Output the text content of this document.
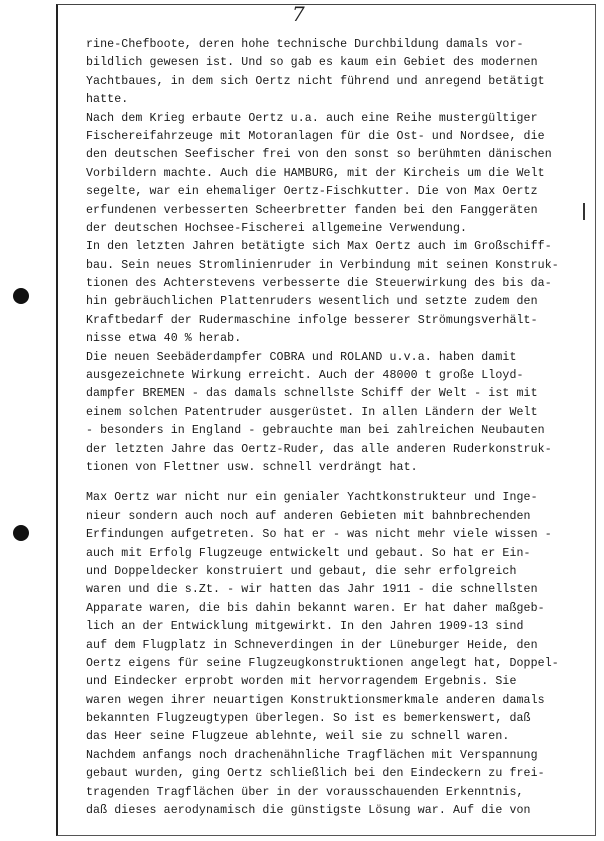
7
rine-Chefboote, deren hohe technische Durchbildung damals vor-
bildlich gewesen ist. Und so gab es kaum ein Gebiet des modernen
Yachtbaues, in dem sich Oertz nicht führend und anregend betätigt
hatte.
Nach dem Krieg erbaute Oertz u.a. auch eine Reihe mustergültiger
Fischereifahrzeuge mit Motoranlagen für die Ost- und Nordsee, die
den deutschen Seefischer frei von den sonst so berühmten dänischen
Vorbildern machte. Auch die HAMBURG, mit der Kircheis um die Welt
segelte, war ein ehemaliger Oertz-Fischkutter. Die von Max Oertz
erfundenen verbesserten Scheerbretter fanden bei den Fanggeräten
der deutschen Hochsee-Fischerei allgemeine Verwendung.
In den letzten Jahren betätigte sich Max Oertz auch im Großschiff-
bau. Sein neues Stromlinienruder in Verbindung mit seinen Konstruk-
tionen des Achterstevens verbesserte die Steuerwirkung des bis da-
hin gebräuchlichen Plattenruders wesentlich und setzte zudem den
Kraftbedarf der Rudermaschine infolge besserer Strömungsverhält-
nisse etwa 40 % herab.
Die neuen Seebäderdampfer COBRA und ROLAND u.v.a. haben damit
ausgezeichnete Wirkung erreicht. Auch der 48000 t große Lloyd-
dampfer BREMEN - das damals schnellste Schiff der Welt - ist mit
einem solchen Patentruder ausgerüstet. In allen Ländern der Welt
- besonders in England - gebrauchte man bei zahlreichen Neubauten
der letzten Jahre das Oertz-Ruder, das alle anderen Ruderkonstruk-
tionen von Flettner usw. schnell verdrängt hat.
Max Oertz war nicht nur ein genialer Yachtkonstrukteur und Inge-
nieur sondern auch noch auf anderen Gebieten mit bahnbrechenden
Erfindungen aufgetreten. So hat er - was nicht mehr viele wissen -
auch mit Erfolg Flugzeuge entwickelt und gebaut. So hat er Ein-
und Doppeldecker konstruiert und gebaut, die sehr erfolgreich
waren und die s.Zt. - wir hatten das Jahr 1911 - die schnellsten
Apparate waren, die bis dahin bekannt waren. Er hat daher maßgeb-
lich an der Entwicklung mitgewirkt. In den Jahren 1909-13 sind
auf dem Flugplatz in Schneverdingen in der Lüneburger Heide, den
Oertz eigens für seine Flugzeugkonstruktionen angelegt hat, Doppel-
und Eindecker erprobt worden mit hervorragendem Ergebnis. Sie
waren wegen ihrer neuartigen Konstruktionsmerkmale anderen damals
bekannten Flugzeugtypen überlegen. So ist es bemerkenswert, daß
das Heer seine Flugzeue ablehnte, weil sie zu schnell waren.
Nachdem anfangs noch drachenähnliche Tragflächen mit Verspannung
gebaut wurden, ging Oertz schließlich bei den Eindeckern zu frei-
tragenden Tragflächen über in der vorausschauenden Erkenntnis,
daß dieses aerodynamisch die günstigste Lösung war. Auf die von
